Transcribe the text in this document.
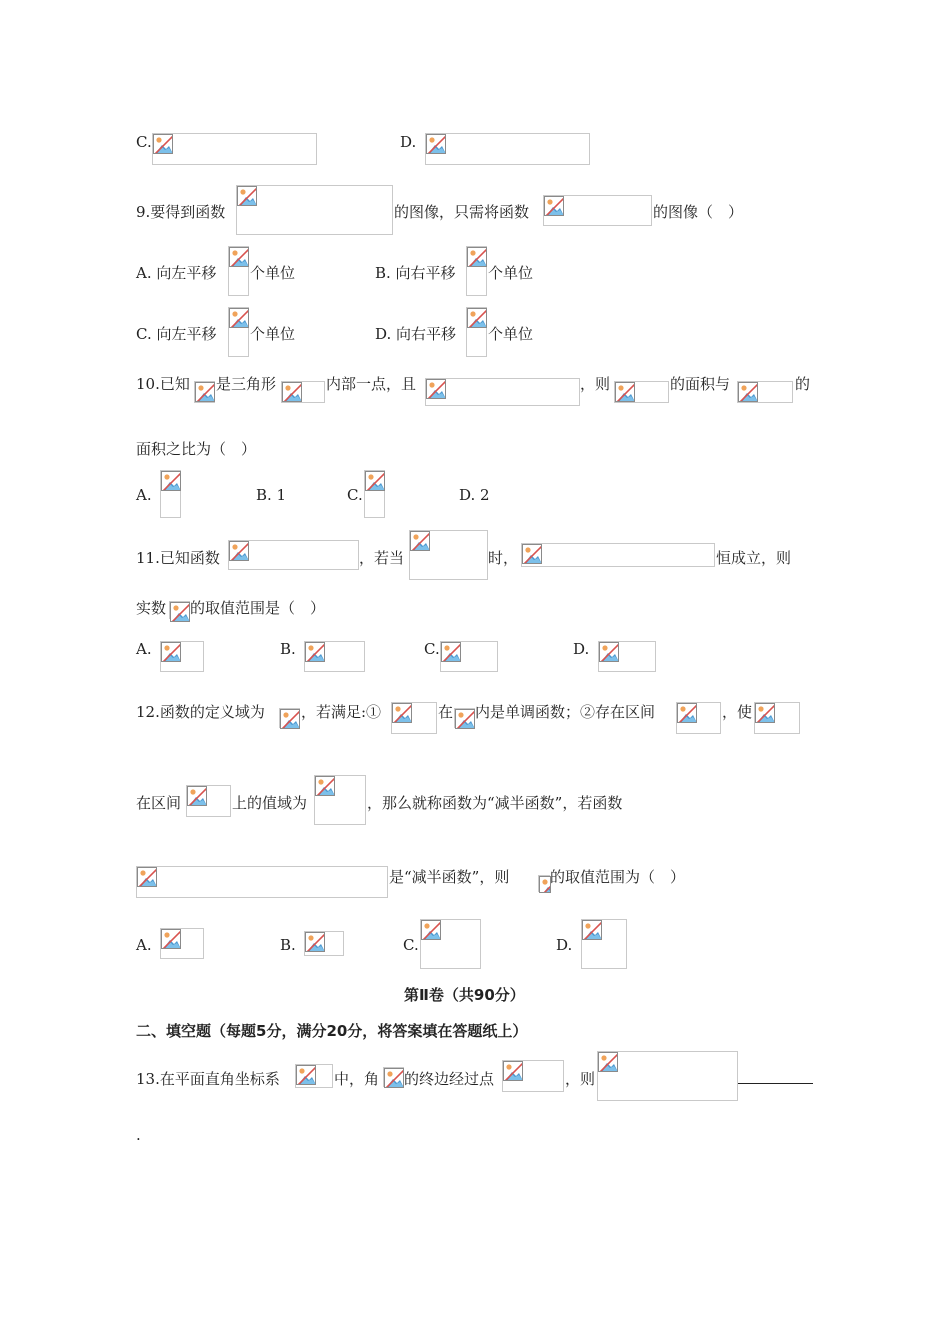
C.	D.
9.要得到函数	的图像，只需将函数	的图像（　）
A. 向左平移 个单位	B. 向右平移 个单位
C. 向左平移 个单位	D. 向右平移 个单位
10.已知 是三角形	内部一点，且	，则	的面积与	的
面积之比为（　）
A.	B. 1	C.	D. 2
11.已知函数	，若当	时，	恒成立，则
实数 的取值范围是（　）
A.	B.	C.	D.
12.函数的定义域为 ，若满足:①	在 内是单调函数；②存在区间	，使
在区间	上的值域为	，那么就称函数为“减半函数”，若函数
是“减半函数”，则	的取值范围为（　）
A.	B.	C.	D.
第Ⅱ卷（共90分）
二、填空题（每题5分，满分20分，将答案填在答题纸上）
13.在平面直角坐标系	中，角 的终边经过点	，则
.
